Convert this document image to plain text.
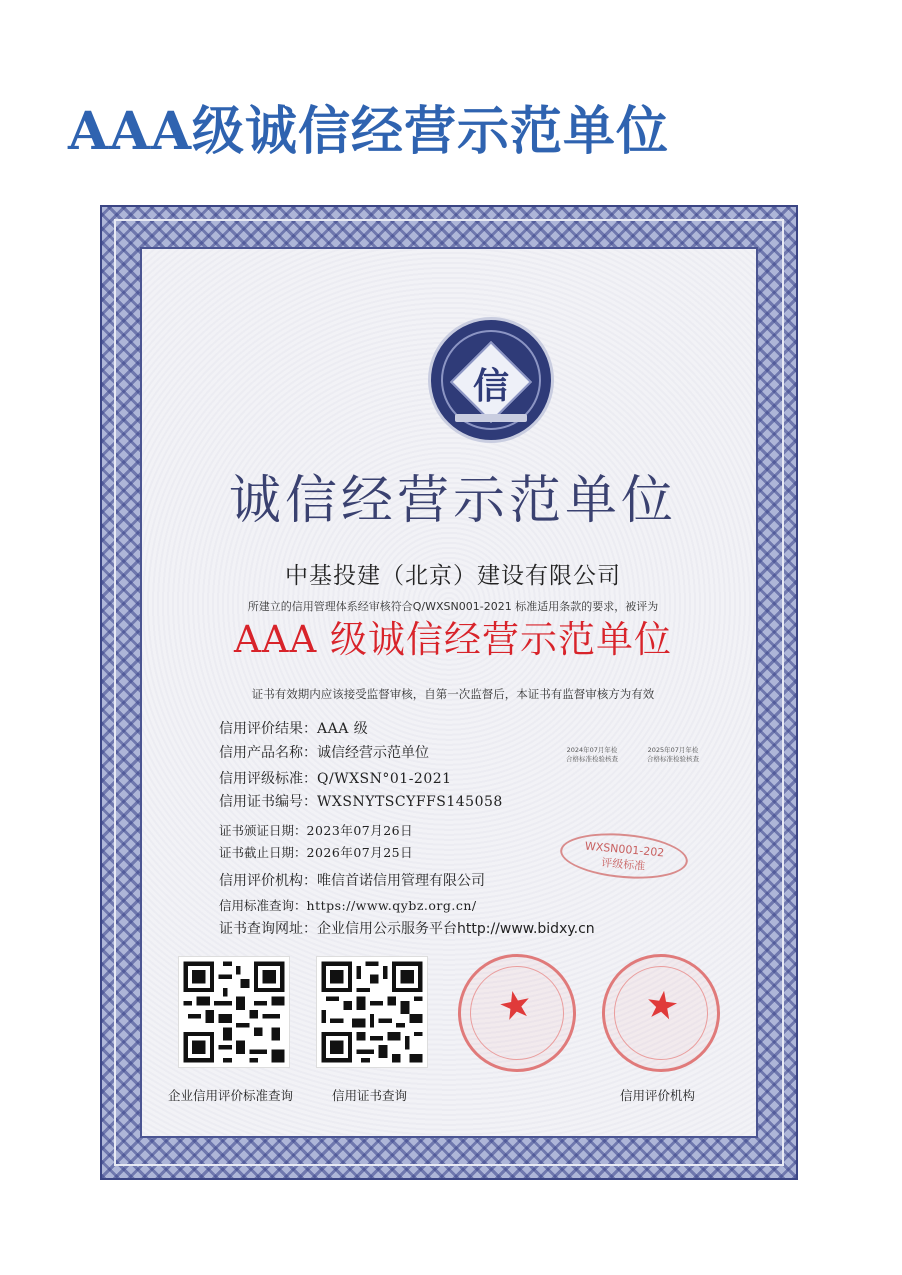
AAA级诚信经营示范单位
信
诚信经营示范单位
中基投建（北京）建设有限公司
所建立的信用管理体系经审核符合Q/WXSN001-2021 标准适用条款的要求，被评为
AAA 级诚信经营示范单位
证书有效期内应该接受监督审核，自第一次监督后，本证书有监督审核方为有效
信用评价结果：AAA 级
信用产品名称：诚信经营示范单位
信用评级标准：Q/WXSN°01-2021
信用证书编号：WXSNYTSCYFFS145058
证书颁证日期：2023年07月26日
证书截止日期：2026年07月25日
信用评价机构：唯信首诺信用管理有限公司
信用标准查询：https://www.qybz.org.cn/
证书查询网址：企业信用公示服务平台http://www.bidxy.cn
2024年07月年检
合格标准检验核查
2025年07月年检
合格标准检验核查
WXSN001-202
评级标准
★	★
企业信用评价标准查询	信用证书查询	信用评价机构
